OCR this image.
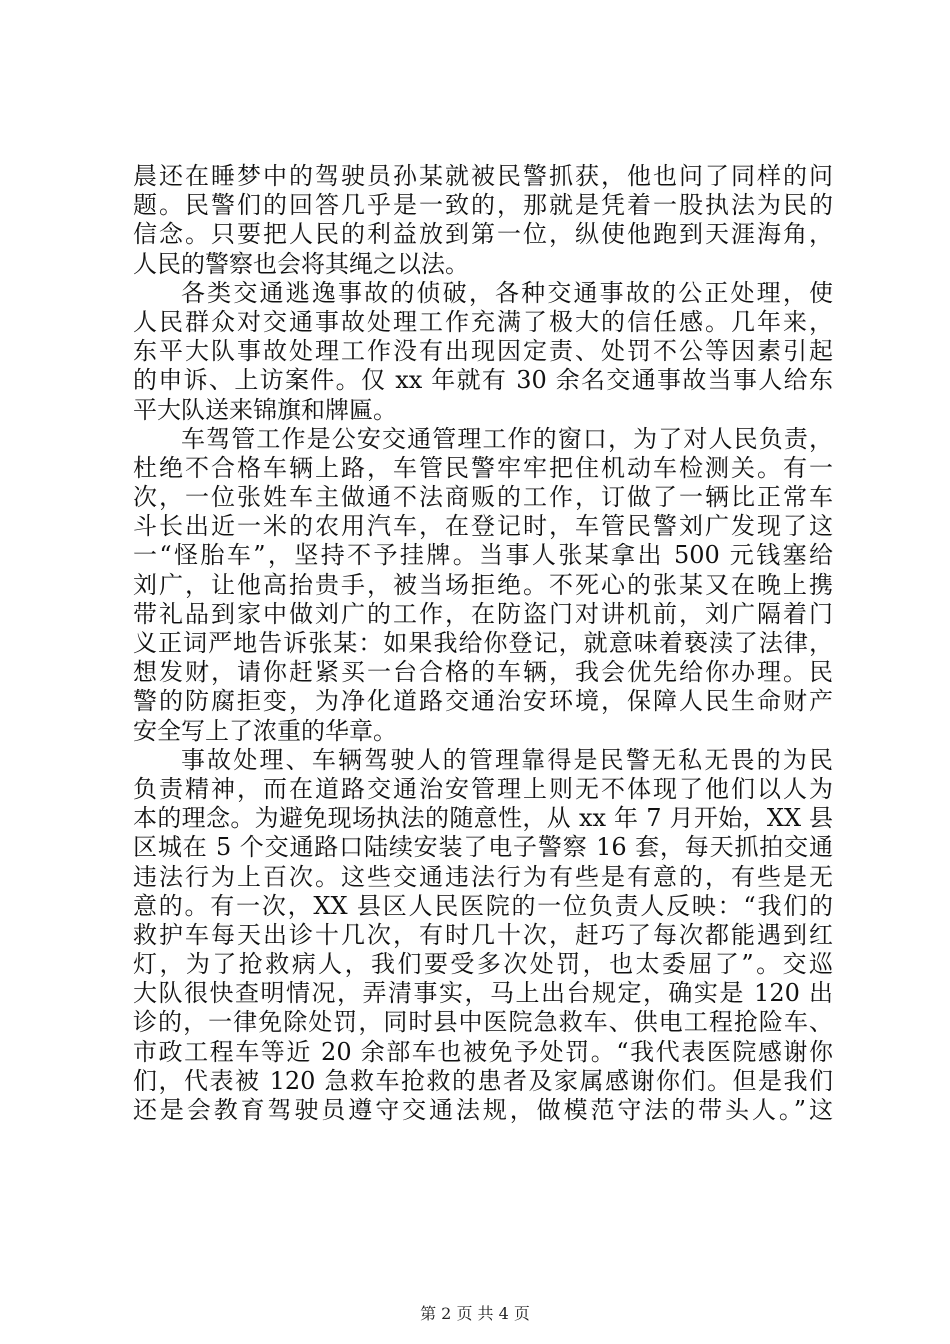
晨还在睡梦中的驾驶员孙某就被民警抓获，他也问了同样的问
题。民警们的回答几乎是一致的，那就是凭着一股执法为民的
信念。只要把人民的利益放到第一位，纵使他跑到天涯海角，
人民的警察也会将其绳之以法。
各类交通逃逸事故的侦破，各种交通事故的公正处理，使
人民群众对交通事故处理工作充满了极大的信任感。几年来，
东平大队事故处理工作没有出现因定责、处罚不公等因素引起
的申诉、上访案件。仅 xx 年就有 30 余名交通事故当事人给东
平大队送来锦旗和牌匾。
车驾管工作是公安交通管理工作的窗口，为了对人民负责，
杜绝不合格车辆上路，车管民警牢牢把住机动车检测关。有一
次，一位张姓车主做通不法商贩的工作，订做了一辆比正常车
斗长出近一米的农用汽车，在登记时，车管民警刘广发现了这
一“怪胎车”，坚持不予挂牌。当事人张某拿出 500 元钱塞给
刘广，让他高抬贵手，被当场拒绝。不死心的张某又在晚上携
带礼品到家中做刘广的工作，在防盗门对讲机前，刘广隔着门
义正词严地告诉张某：如果我给你登记，就意味着亵渎了法律，
想发财，请你赶紧买一台合格的车辆，我会优先给你办理。民
警的防腐拒变，为净化道路交通治安环境，保障人民生命财产
安全写上了浓重的华章。
事故处理、车辆驾驶人的管理靠得是民警无私无畏的为民
负责精神，而在道路交通治安管理上则无不体现了他们以人为
本的理念。为避免现场执法的随意性，从 xx 年 7 月开始，XX 县
区城在 5 个交通路口陆续安装了电子警察 16 套，每天抓拍交通
违法行为上百次。这些交通违法行为有些是有意的，有些是无
意的。有一次，XX 县区人民医院的一位负责人反映：“我们的
救护车每天出诊十几次，有时几十次，赶巧了每次都能遇到红
灯，为了抢救病人，我们要受多次处罚，也太委屈了”。交巡
大队很快查明情况，弄清事实，马上出台规定，确实是 120 出
诊的，一律免除处罚，同时县中医院急救车、供电工程抢险车、
市政工程车等近 20 余部车也被免予处罚。“我代表医院感谢你
们，代表被 120 急救车抢救的患者及家属感谢你们。但是我们
还是会教育驾驶员遵守交通法规，做模范守法的带头人。”这
第 2 页 共 4 页
